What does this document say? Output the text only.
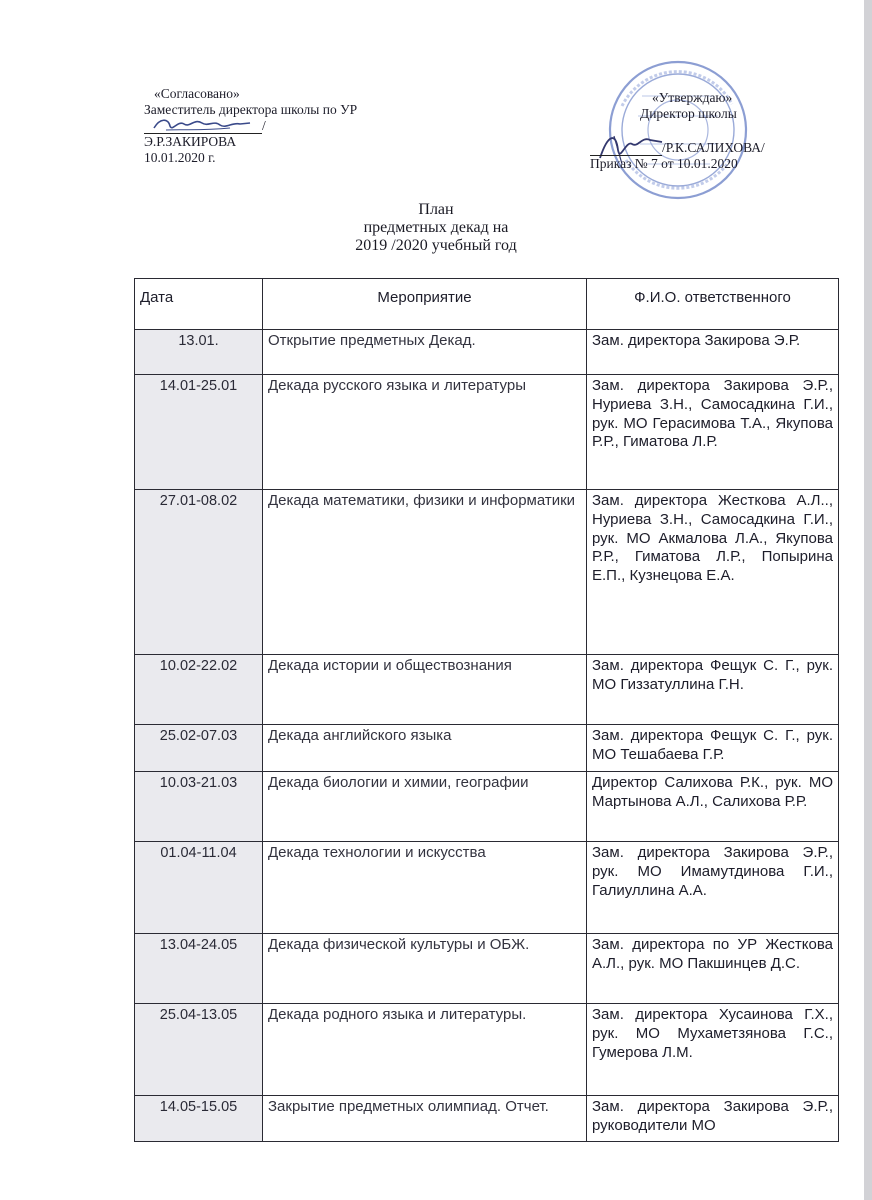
«Согласовано»
Заместитель директора школы по УР
/
Э.Р.ЗАКИРОВА
10.01.2020 г.
«Утверждаю»
Директор школы
/Р.К.САЛИХОВА/
Приказ № 7 от 10.01.2020
План
предметных декад на
2019 /2020 учебный год
Дата	Мероприятие	Ф.И.О. ответственного
13.01.	Открытие предметных Декад.	Зам. директора Закирова Э.Р.
14.01-25.01	Декада русского языка и литературы	Зам. директора Закирова Э.Р., Нуриева З.Н., Самосадкина Г.И., рук. МО Герасимова Т.А., Якупова Р.Р., Гиматова Л.Р.
27.01-08.02	Декада математики, физики и информатики	Зам. директора Жесткова А.Л.., Нуриева З.Н., Самосадкина Г.И., рук. МО Акмалова Л.А., Якупова Р.Р., Гиматова Л.Р., Попырина Е.П., Кузнецова Е.А.
10.02-22.02	Декада истории и обществознания	Зам. директора Фещук С. Г., рук. МО Гиззатуллина Г.Н.
25.02-07.03	Декада английского языка	Зам. директора Фещук С. Г., рук. МО Тешабаева Г.Р.
10.03-21.03	Декада биологии и химии, географии	Директор Салихова Р.К., рук. МО Мартынова А.Л., Салихова Р.Р.
01.04-11.04	Декада технологии и искусства	Зам. директора Закирова Э.Р., рук. МО Имамутдинова Г.И., Галиуллина А.А.
13.04-24.05	Декада физической культуры и ОБЖ.	Зам. директора по УР Жесткова А.Л., рук. МО Пакшинцев Д.С.
25.04-13.05	Декада родного языка и литературы.	Зам. директора Хусаинова Г.Х., рук. МО Мухаметзянова Г.С., Гумерова Л.М.
14.05-15.05	Закрытие предметных олимпиад. Отчет.	Зам. директора Закирова Э.Р., руководители МО
